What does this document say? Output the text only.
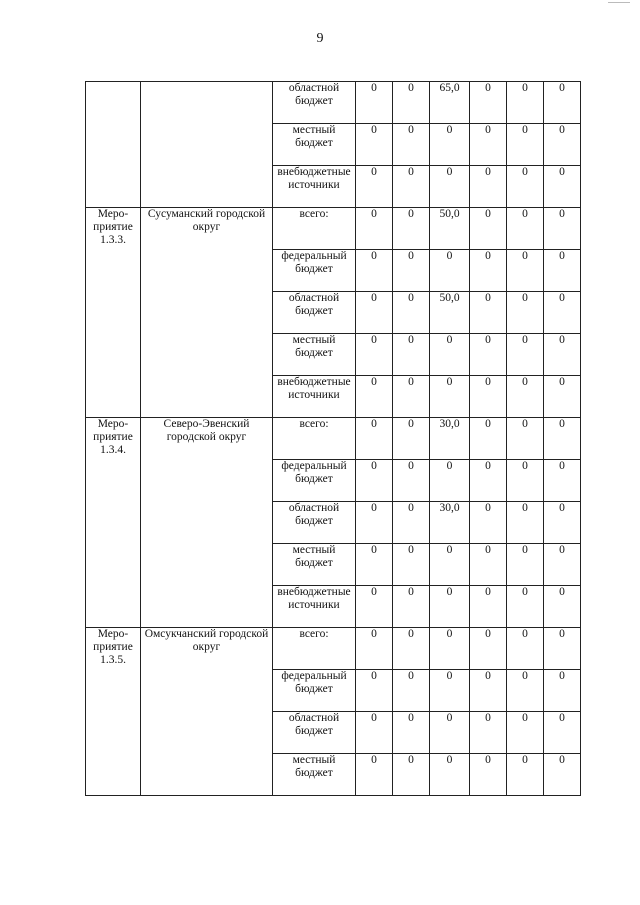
9
		областной бюджет	0	0	65,0	0	0	0
		местный бюджет	0	0	0	0	0	0
		внебюджетные источники	0	0	0	0	0	0
Меро-приятие 1.3.3.	Сусуманский городской округ	всего:	0	0	50,0	0	0	0
		федеральный бюджет	0	0	0	0	0	0
		областной бюджет	0	0	50,0	0	0	0
		местный бюджет	0	0	0	0	0	0
		внебюджетные источники	0	0	0	0	0	0
Меро-приятие 1.3.4.	Северо-Эвенский городской округ	всего:	0	0	30,0	0	0	0
		федеральный бюджет	0	0	0	0	0	0
		областной бюджет	0	0	30,0	0	0	0
		местный бюджет	0	0	0	0	0	0
		внебюджетные источники	0	0	0	0	0	0
Меро-приятие 1.3.5.	Омсукчанский городской округ	всего:	0	0	0	0	0	0
		федеральный бюджет	0	0	0	0	0	0
		областной бюджет	0	0	0	0	0	0
		местный бюджет	0	0	0	0	0	0
